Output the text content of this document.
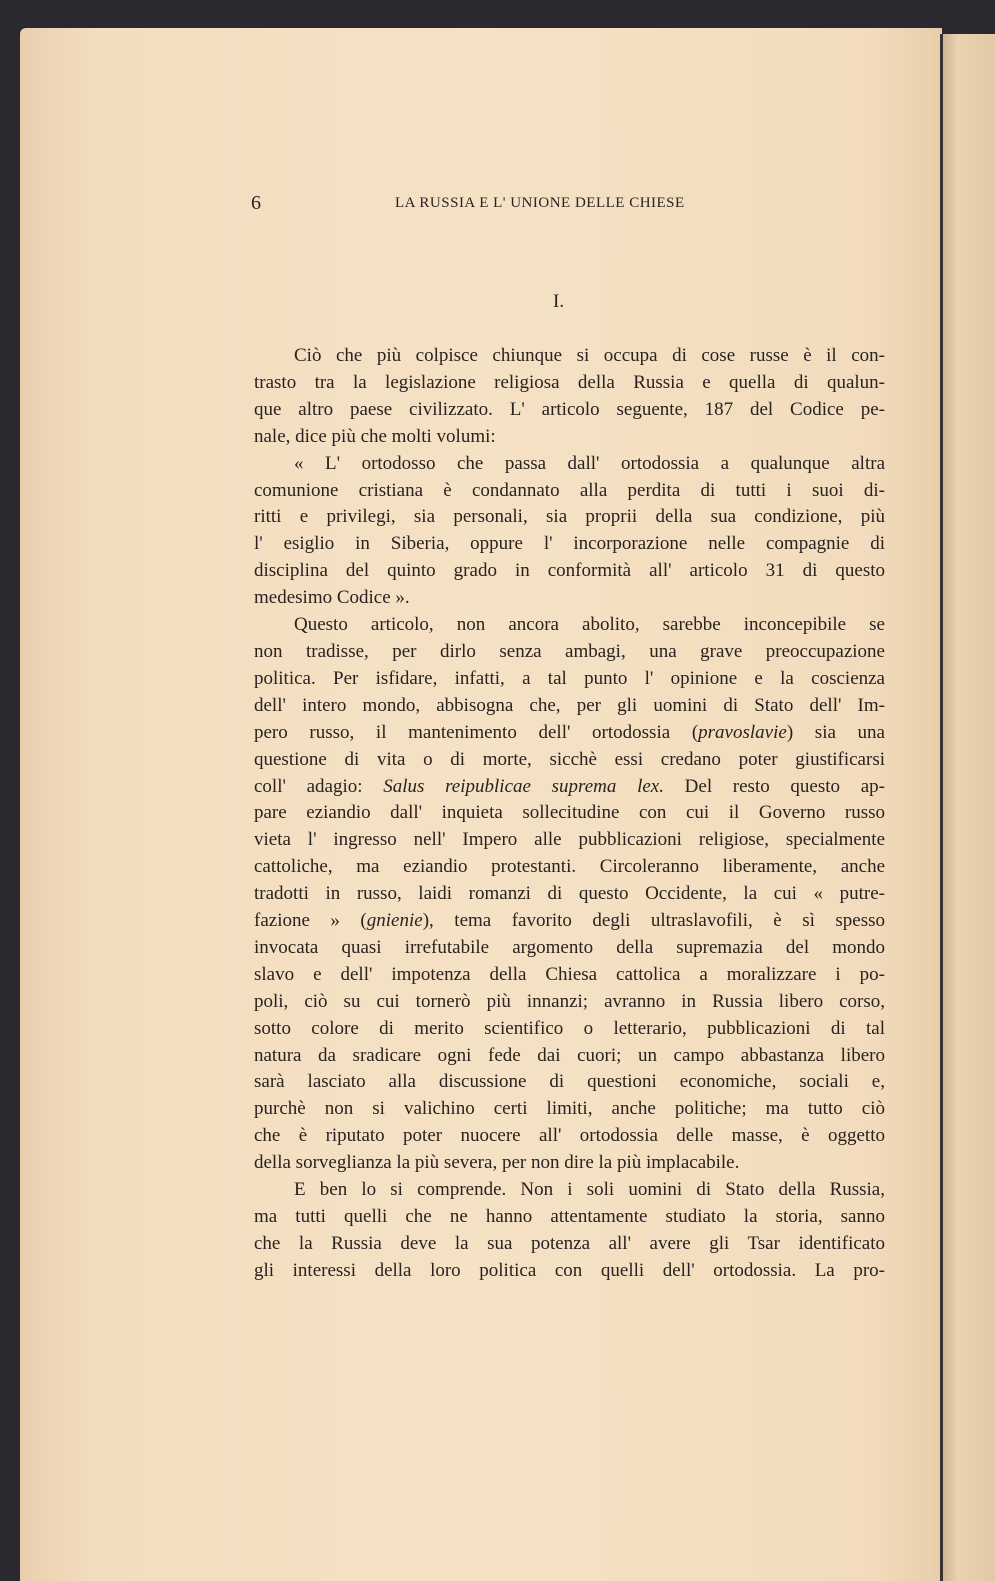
6	LA RUSSIA E L' UNIONE DELLE CHIESE
I.
Ciò che più colpisce chiunque si occupa di cose russe è il con-
trasto tra la legislazione religiosa della Russia e quella di qualun-
que altro paese civilizzato. L' articolo seguente, 187 del Codice pe-
nale, dice più che molti volumi:
« L' ortodosso che passa dall' ortodossia a qualunque altra
comunione cristiana è condannato alla perdita di tutti i suoi di-
ritti e privilegi, sia personali, sia proprii della sua condizione, più
l' esiglio in Siberia, oppure l' incorporazione nelle compagnie di
disciplina del quinto grado in conformità all' articolo 31 di questo
medesimo Codice ».
Questo articolo, non ancora abolito, sarebbe inconcepibile se
non tradisse, per dirlo senza ambagi, una grave preoccupazione
politica. Per isfidare, infatti, a tal punto l' opinione e la coscienza
dell' intero mondo, abbisogna che, per gli uomini di Stato dell' Im-
pero russo, il mantenimento dell' ortodossia (pravoslavie) sia una
questione di vita o di morte, sicchè essi credano poter giustificarsi
coll' adagio: Salus reipublicae suprema lex. Del resto questo ap-
pare eziandio dall' inquieta sollecitudine con cui il Governo russo
vieta l' ingresso nell' Impero alle pubblicazioni religiose, specialmente
cattoliche, ma eziandio protestanti. Circoleranno liberamente, anche
tradotti in russo, laidi romanzi di questo Occidente, la cui « putre-
fazione » (gnienie), tema favorito degli ultraslavofili, è sì spesso
invocata quasi irrefutabile argomento della supremazia del mondo
slavo e dell' impotenza della Chiesa cattolica a moralizzare i po-
poli, ciò su cui tornerò più innanzi; avranno in Russia libero corso,
sotto colore di merito scientifico o letterario, pubblicazioni di tal
natura da sradicare ogni fede dai cuori; un campo abbastanza libero
sarà lasciato alla discussione di questioni economiche, sociali e,
purchè non si valichino certi limiti, anche politiche; ma tutto ciò
che è riputato poter nuocere all' ortodossia delle masse, è oggetto
della sorveglianza la più severa, per non dire la più implacabile.
E ben lo si comprende. Non i soli uomini di Stato della Russia,
ma tutti quelli che ne hanno attentamente studiato la storia, sanno
che la Russia deve la sua potenza all' avere gli Tsar identificato
gli interessi della loro politica con quelli dell' ortodossia. La pro-
